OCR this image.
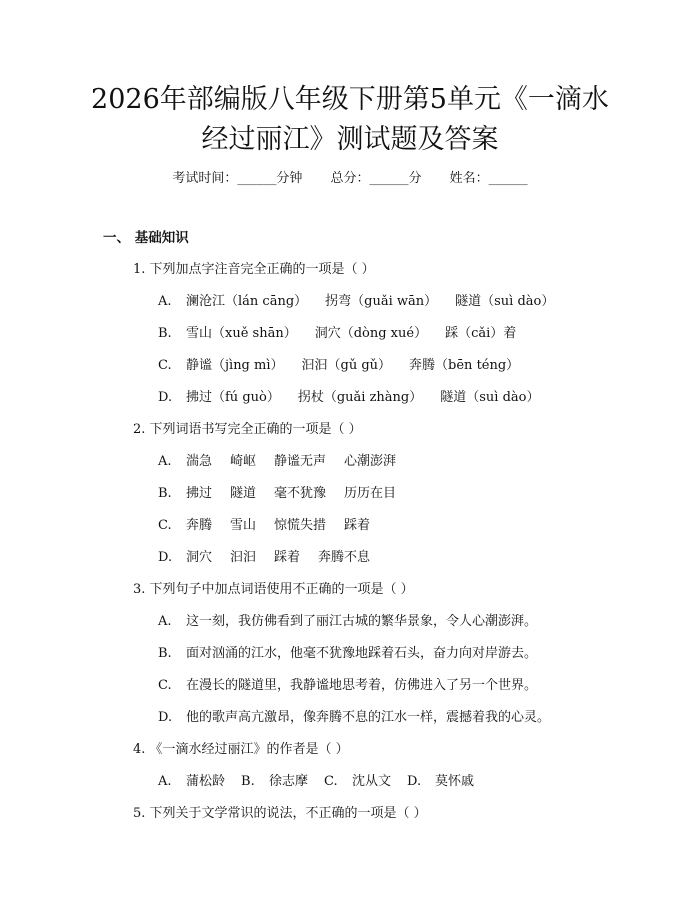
2026年部编版八年级下册第5单元《一滴水
经过丽江》测试题及答案
考试时间：______分钟 总分：______分 姓名：______
一、 基础知识
1. 下列加点字注音完全正确的一项是（ ）
A. 澜沧江（lán cāng） 拐弯（guǎi wān） 隧道（suì dào）
B. 雪山（xuě shān） 洞穴（dòng xué） 踩（cǎi）着
C. 静谧（jìng mì） 汩汩（gǔ gǔ） 奔腾（bēn téng）
D. 拂过（fú guò） 拐杖（guǎi zhàng） 隧道（suì dào）
2. 下列词语书写完全正确的一项是（ ）
A. 湍急 崎岖 静谧无声 心潮澎湃
B. 拂过 隧道 毫不犹豫 历历在目
C. 奔腾 雪山 惊慌失措 踩着
D. 洞穴 汩汩 踩着 奔腾不息
3. 下列句子中加点词语使用不正确的一项是（ ）
A. 这一刻，我仿佛看到了丽江古城的繁华景象，令人心潮澎湃。
B. 面对汹涌的江水，他毫不犹豫地踩着石头，奋力向对岸游去。
C. 在漫长的隧道里，我静谧地思考着，仿佛进入了另一个世界。
D. 他的歌声高亢激昂，像奔腾不息的江水一样，震撼着我的心灵。
4. 《一滴水经过丽江》的作者是（ ）
A. 蒲松龄 B. 徐志摩 C. 沈从文 D. 莫怀戚
5. 下列关于文学常识的说法，不正确的一项是（ ）
